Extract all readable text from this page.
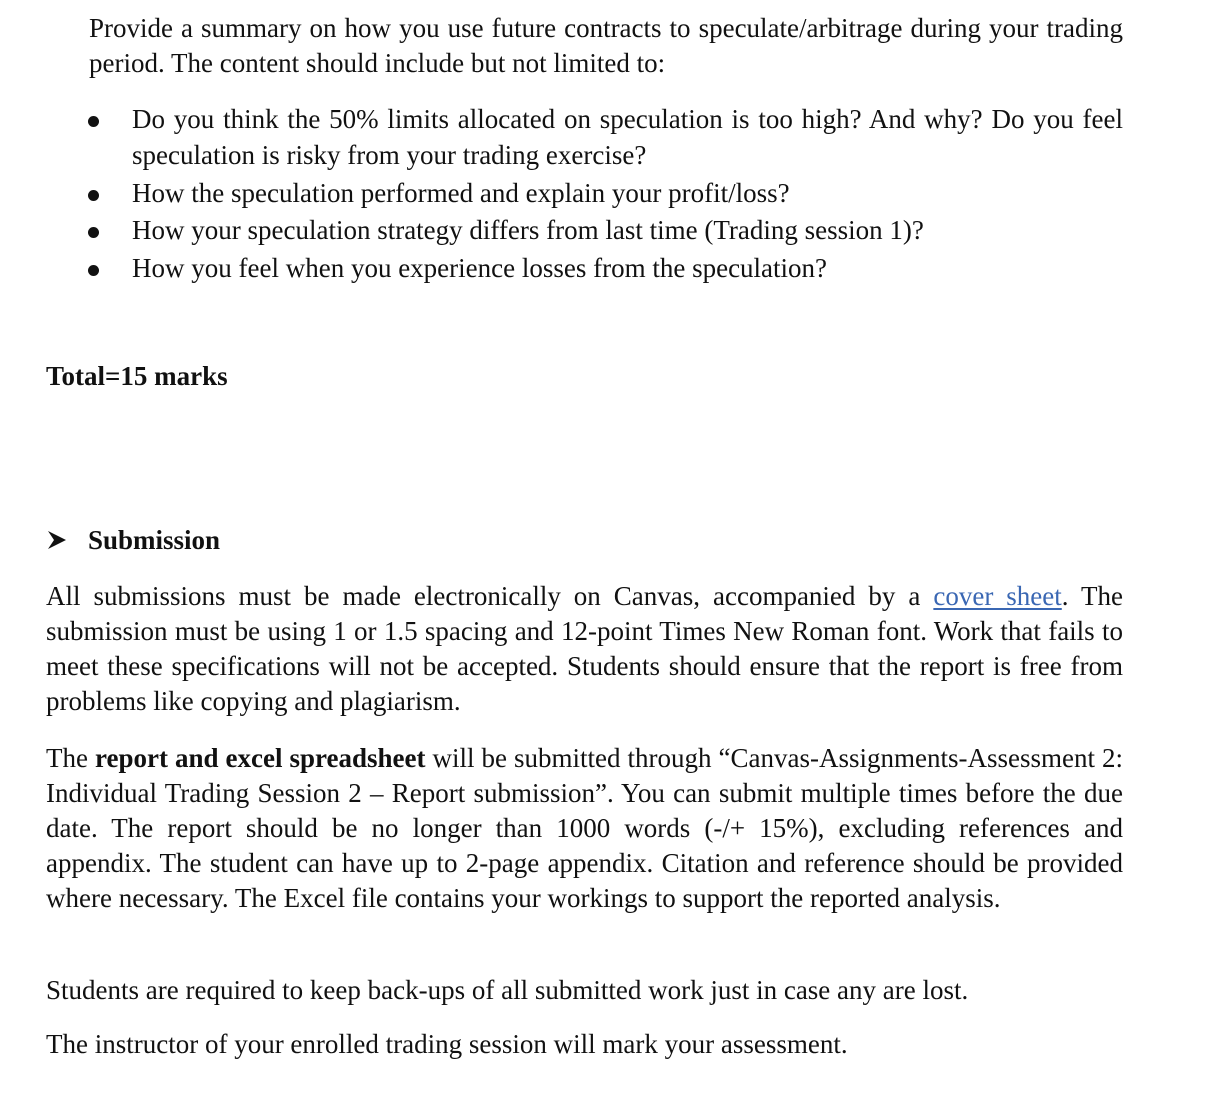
Provide a summary on how you use future contracts to speculate/arbitrage during your trading period. The content should include but not limited to:
Do you think the 50% limits allocated on speculation is too high? And why? Do you feel speculation is risky from your trading exercise?
How the speculation performed and explain your profit/loss?
How your speculation strategy differs from last time (Trading session 1)?
How you feel when you experience losses from the speculation?
Total=15 marks
Submission
All submissions must be made electronically on Canvas, accompanied by a cover sheet. The submission must be using 1 or 1.5 spacing and 12-point Times New Roman font. Work that fails to meet these specifications will not be accepted. Students should ensure that the report is free from problems like copying and plagiarism.
The report and excel spreadsheet will be submitted through “Canvas-Assignments-Assessment 2: Individual Trading Session 2 – Report submission”. You can submit multiple times before the due date. The report should be no longer than 1000 words (-/+ 15%), excluding references and appendix. The student can have up to 2-page appendix. Citation and reference should be provided where necessary. The Excel file contains your workings to support the reported analysis.
Students are required to keep back-ups of all submitted work just in case any are lost.
The instructor of your enrolled trading session will mark your assessment.
